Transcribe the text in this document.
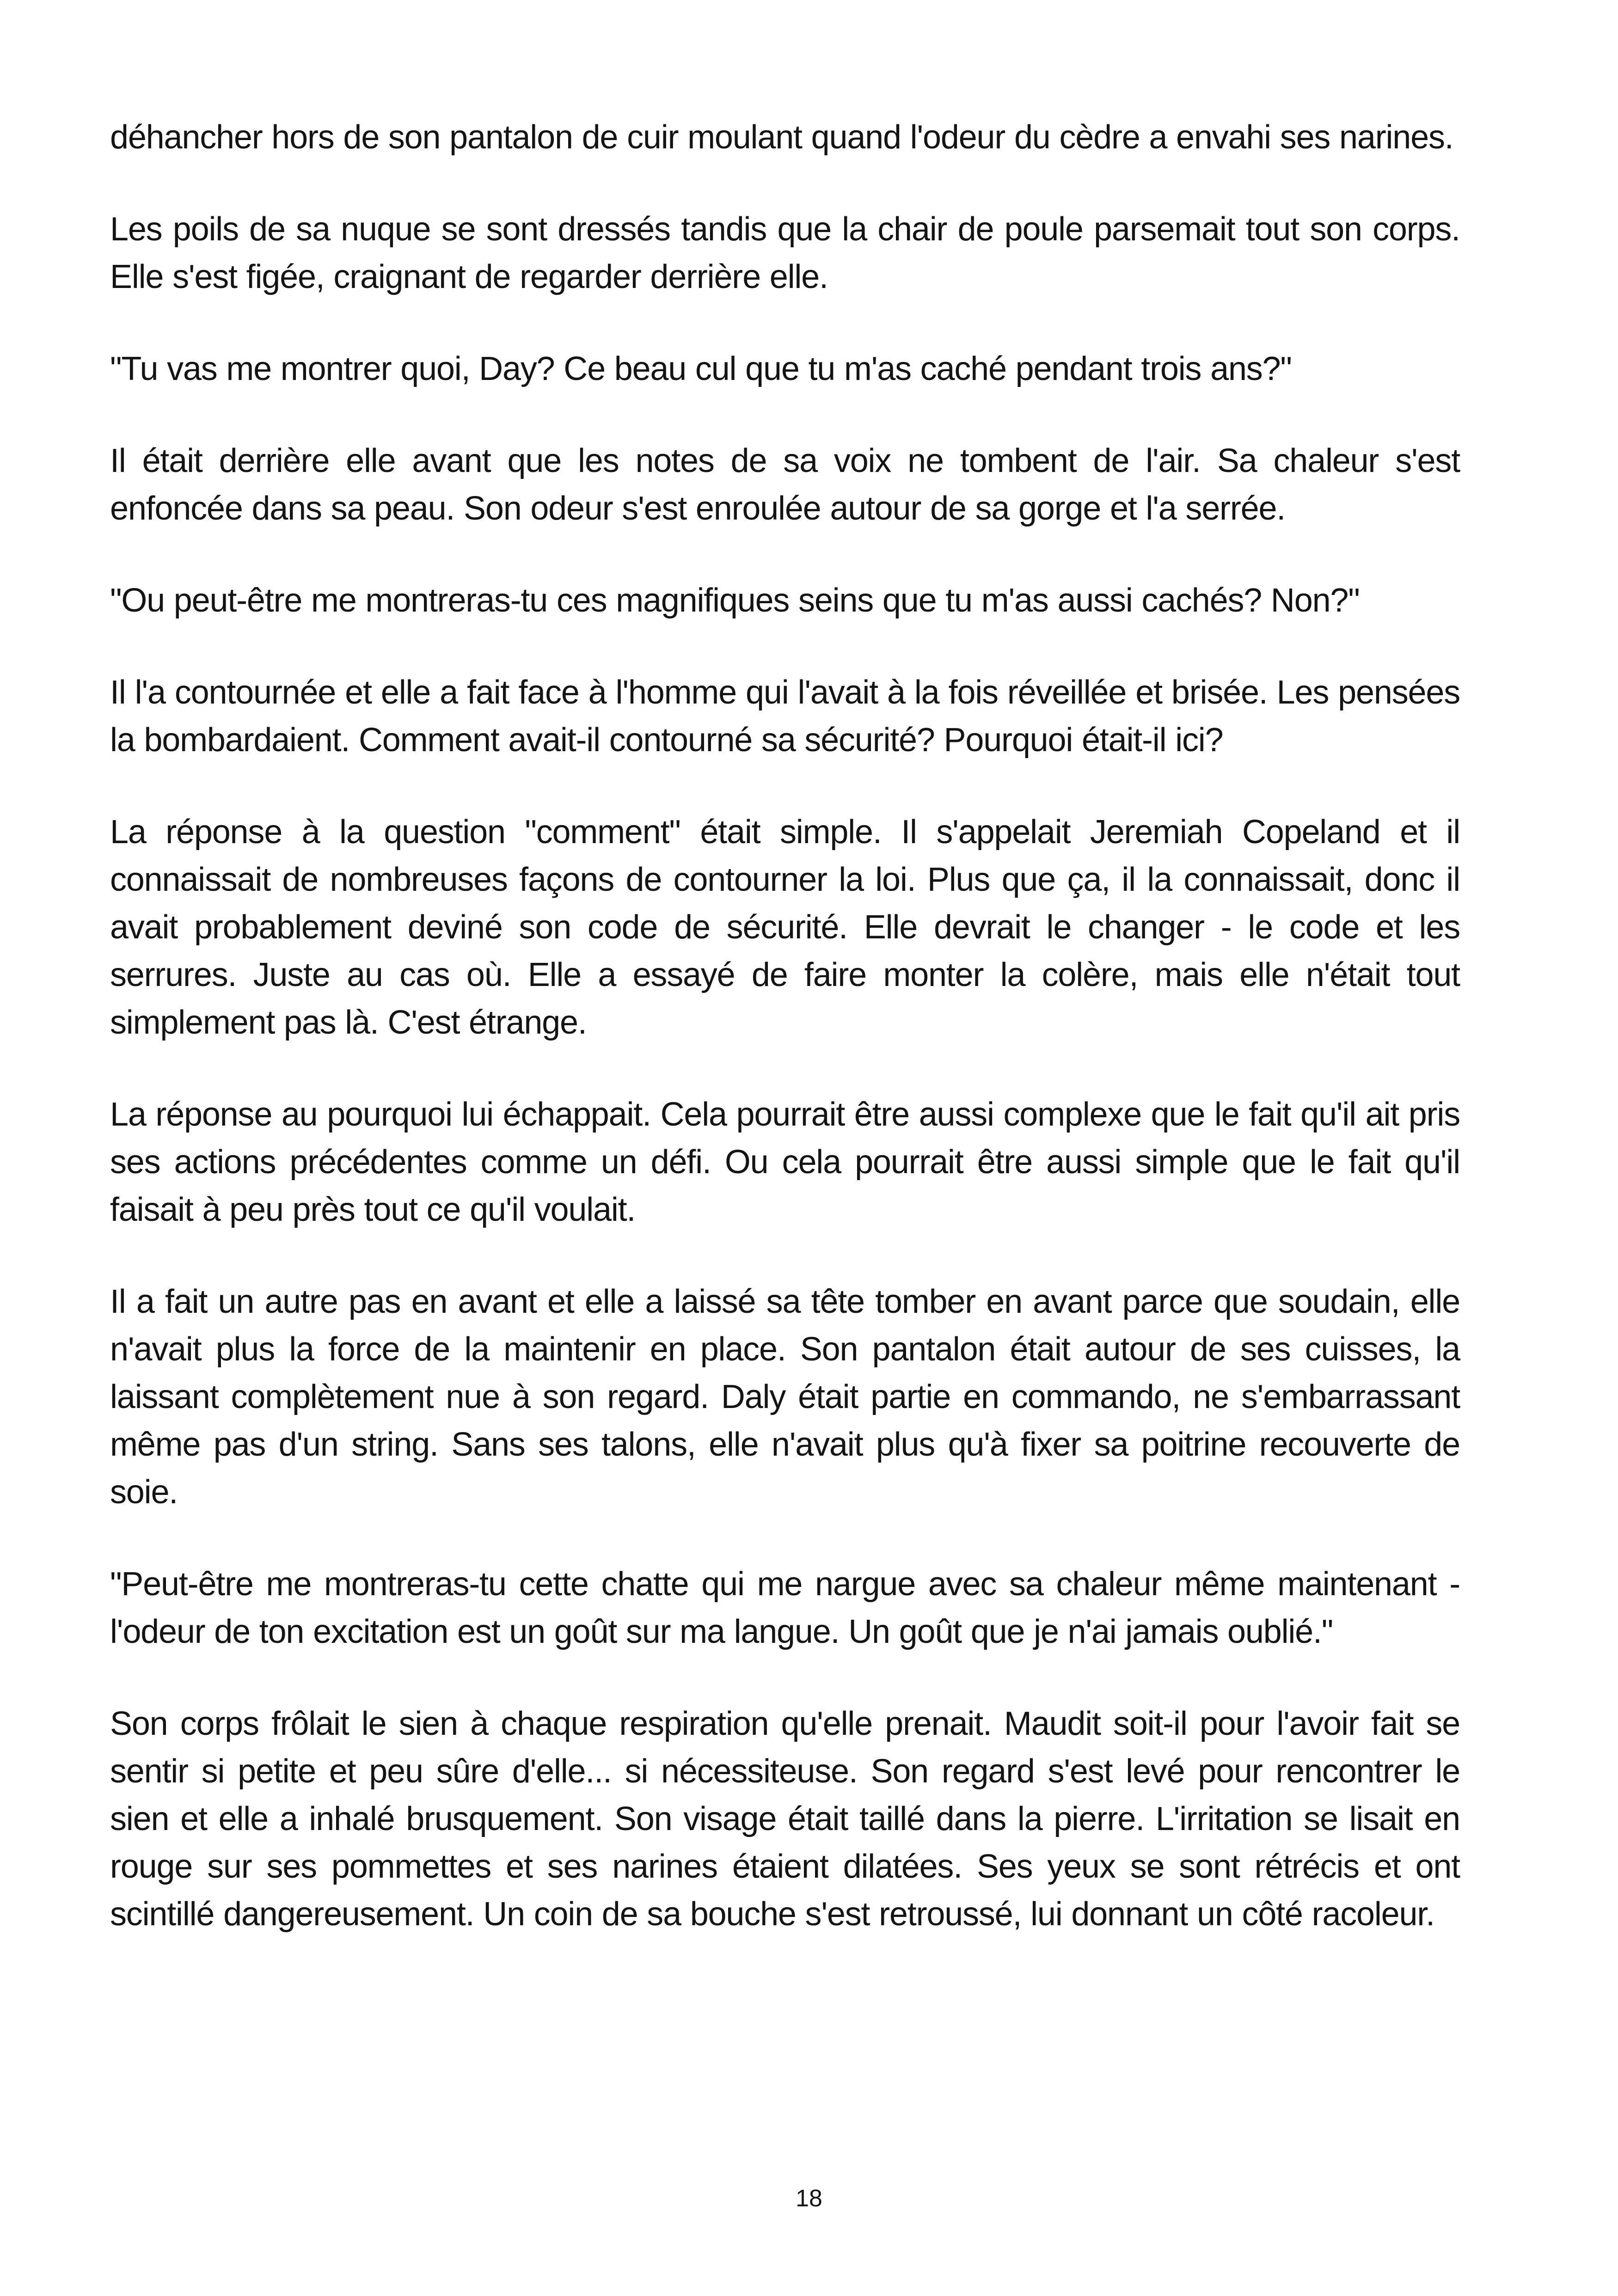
déhancher hors de son pantalon de cuir moulant quand l'odeur du cèdre a envahi ses narines.

Les poils de sa nuque se sont dressés tandis que la chair de poule parsemait tout son corps. Elle s'est figée, craignant de regarder derrière elle.

"Tu vas me montrer quoi, Day? Ce beau cul que tu m'as caché pendant trois ans?"

Il était derrière elle avant que les notes de sa voix ne tombent de l'air. Sa chaleur s'est enfoncée dans sa peau. Son odeur s'est enroulée autour de sa gorge et l'a serrée.

"Ou peut-être me montreras-tu ces magnifiques seins que tu m'as aussi cachés? Non?"

Il l'a contournée et elle a fait face à l'homme qui l'avait à la fois réveillée et brisée. Les pensées la bombardaient. Comment avait-il contourné sa sécurité? Pourquoi était-il ici?

La réponse à la question "comment" était simple. Il s'appelait Jeremiah Copeland et il connaissait de nombreuses façons de contourner la loi. Plus que ça, il la connaissait, donc il avait probablement deviné son code de sécurité. Elle devrait le changer - le code et les serrures. Juste au cas où. Elle a essayé de faire monter la colère, mais elle n'était tout simplement pas là. C'est étrange.

La réponse au pourquoi lui échappait. Cela pourrait être aussi complexe que le fait qu'il ait pris ses actions précédentes comme un défi. Ou cela pourrait être aussi simple que le fait qu'il faisait à peu près tout ce qu'il voulait.

Il a fait un autre pas en avant et elle a laissé sa tête tomber en avant parce que soudain, elle n'avait plus la force de la maintenir en place. Son pantalon était autour de ses cuisses, la laissant complètement nue à son regard. Daly était partie en commando, ne s'embarrassant même pas d'un string. Sans ses talons, elle n'avait plus qu'à fixer sa poitrine recouverte de soie.

"Peut-être me montreras-tu cette chatte qui me nargue avec sa chaleur même maintenant - l'odeur de ton excitation est un goût sur ma langue. Un goût que je n'ai jamais oublié."

Son corps frôlait le sien à chaque respiration qu'elle prenait. Maudit soit-il pour l'avoir fait se sentir si petite et peu sûre d'elle... si nécessiteuse. Son regard s'est levé pour rencontrer le sien et elle a inhalé brusquement. Son visage était taillé dans la pierre. L'irritation se lisait en rouge sur ses pommettes et ses narines étaient dilatées. Ses yeux se sont rétrécis et ont scintillé dangereusement. Un coin de sa bouche s'est retroussé, lui donnant un côté racoleur.

18
